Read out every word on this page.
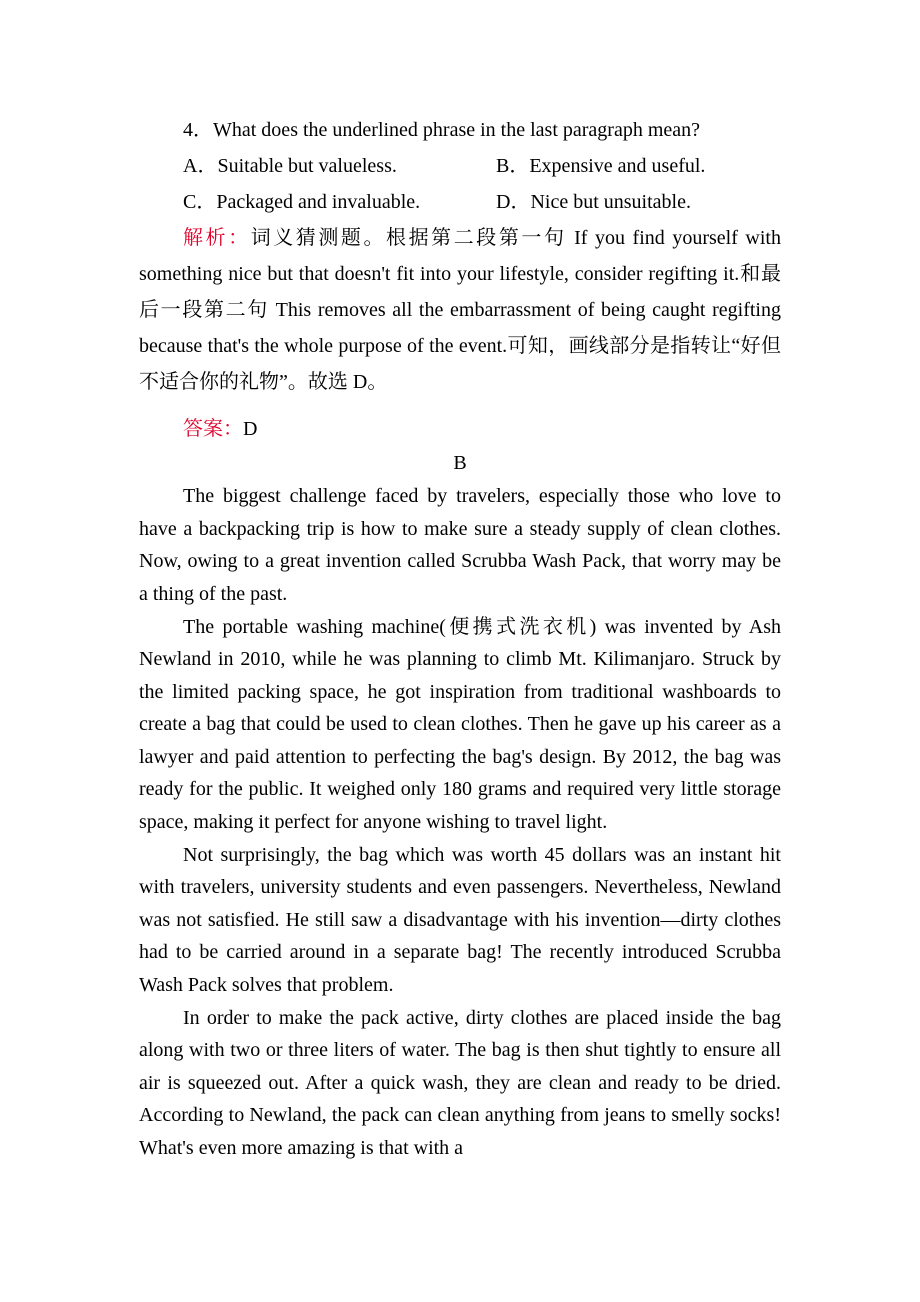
4．What does the underlined phrase in the last paragraph mean?
A．Suitable but valueless.	B．Expensive and useful.
C．Packaged and invaluable.	D．Nice but unsuitable.
解析：词义猜测题。根据第二段第一句 If you find yourself with something nice but that doesn't fit into your lifestyle, consider regifting it.和最后一段第二句 This removes all the embarrassment of being caught regifting because that's the whole purpose of the event.可知，画线部分是指转让“好但不适合你的礼物”。故选 D。
答案：D
B

The biggest challenge faced by travelers, especially those who love to have a backpacking trip is how to make sure a steady supply of clean clothes. Now, owing to a great invention called Scrubba Wash Pack, that worry may be a thing of the past.

The portable washing machine(便携式洗衣机) was invented by Ash Newland in 2010, while he was planning to climb Mt. Kilimanjaro. Struck by the limited packing space, he got inspiration from traditional washboards to create a bag that could be used to clean clothes. Then he gave up his career as a lawyer and paid attention to perfecting the bag's design. By 2012, the bag was ready for the public. It weighed only 180 grams and required very little storage space, making it perfect for anyone wishing to travel light.

Not surprisingly, the bag which was worth 45 dollars was an instant hit with travelers, university students and even passengers. Nevertheless, Newland was not satisfied. He still saw a disadvantage with his invention—dirty clothes had to be carried around in a separate bag! The recently introduced Scrubba Wash Pack solves that problem.

In order to make the pack active, dirty clothes are placed inside the bag along with two or three liters of water. The bag is then shut tightly to ensure all air is squeezed out. After a quick wash, they are clean and ready to be dried. According to Newland, the pack can clean anything from jeans to smelly socks! What's even more amazing is that with a
